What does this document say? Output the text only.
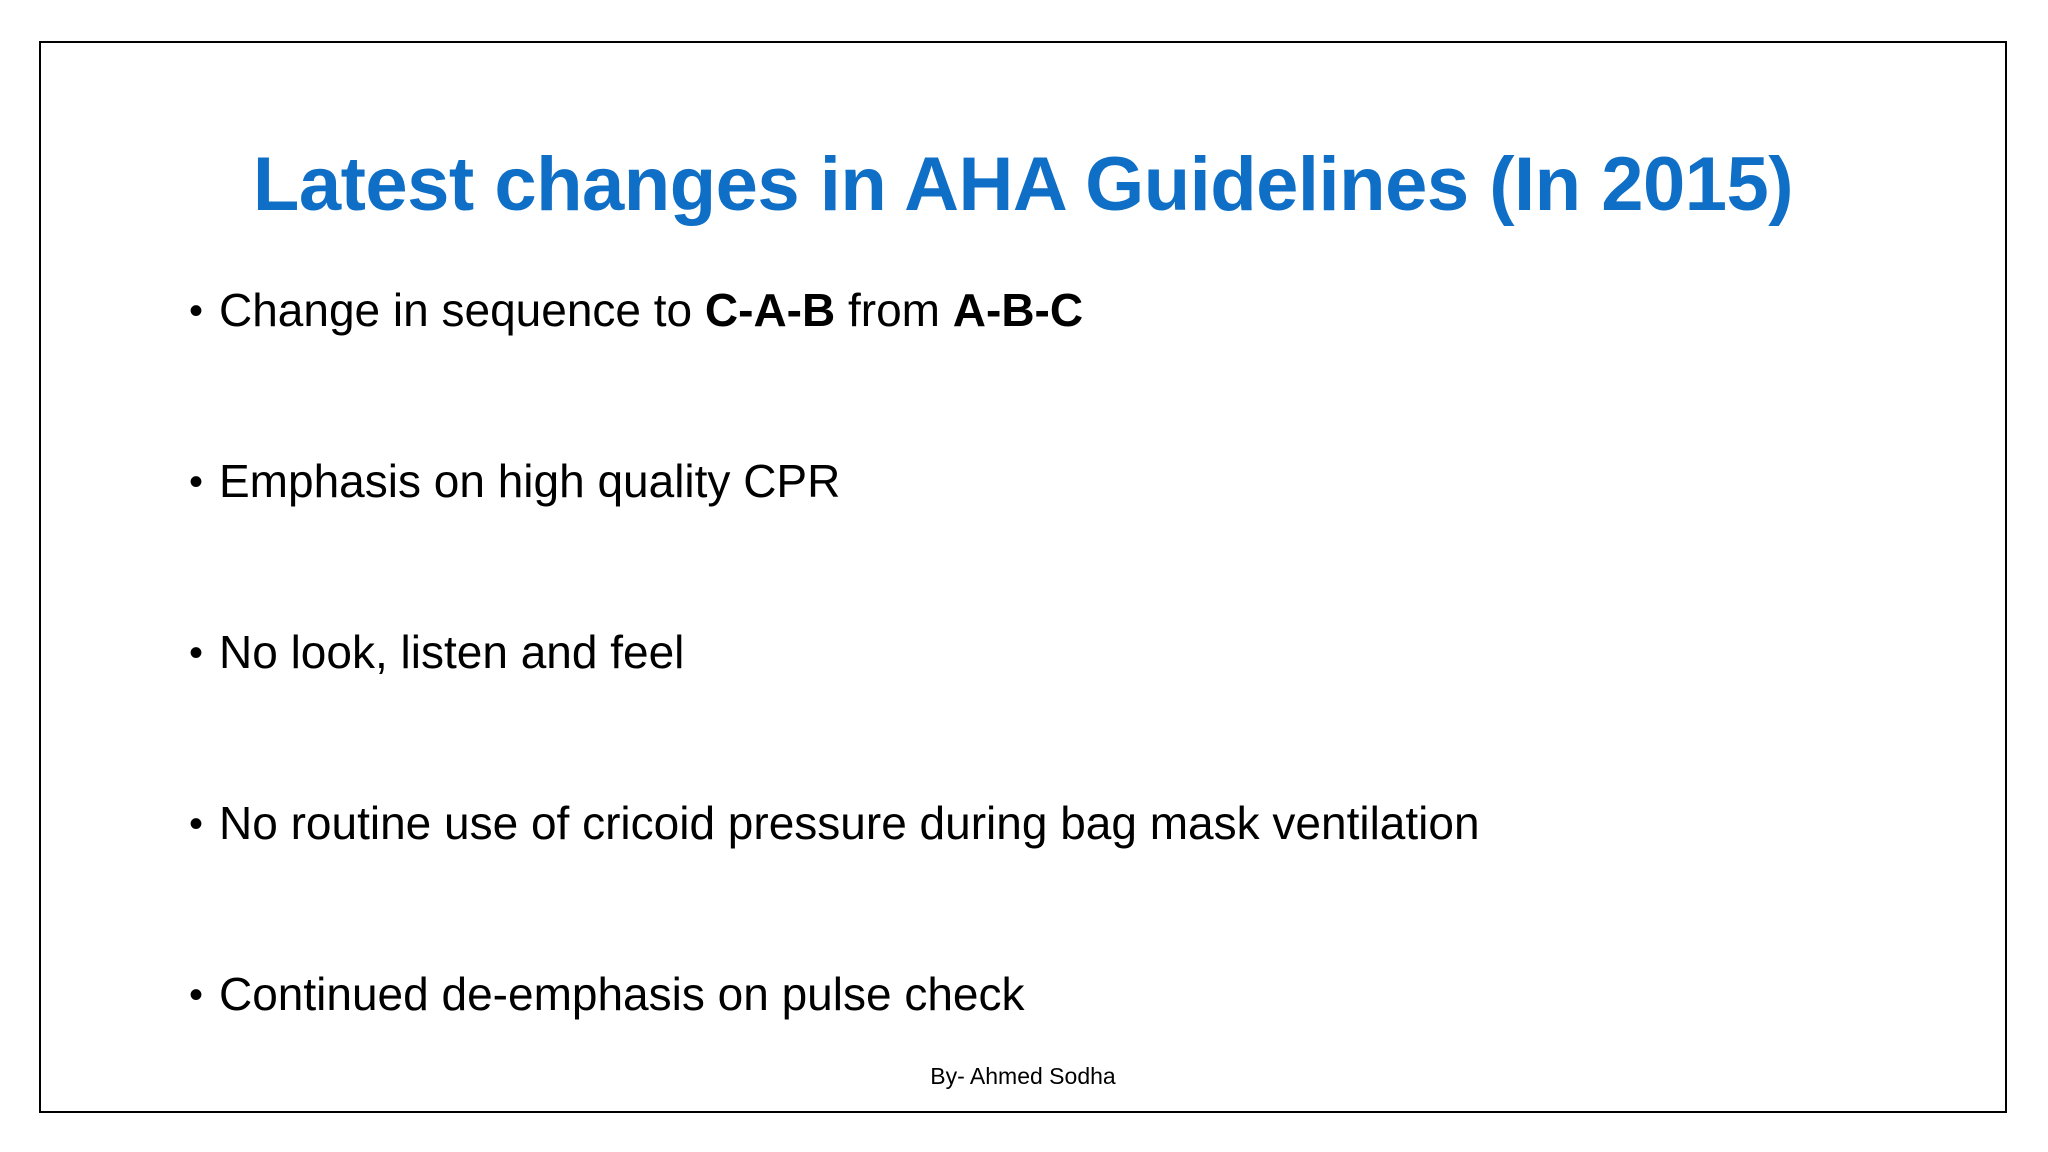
Latest changes in AHA Guidelines (In 2015)
• Change in sequence to C-A-B from A-B-C
• Emphasis on high quality CPR
• No look, listen and feel
• No routine use of cricoid pressure during bag mask ventilation
• Continued de-emphasis on pulse check
By- Ahmed Sodha
